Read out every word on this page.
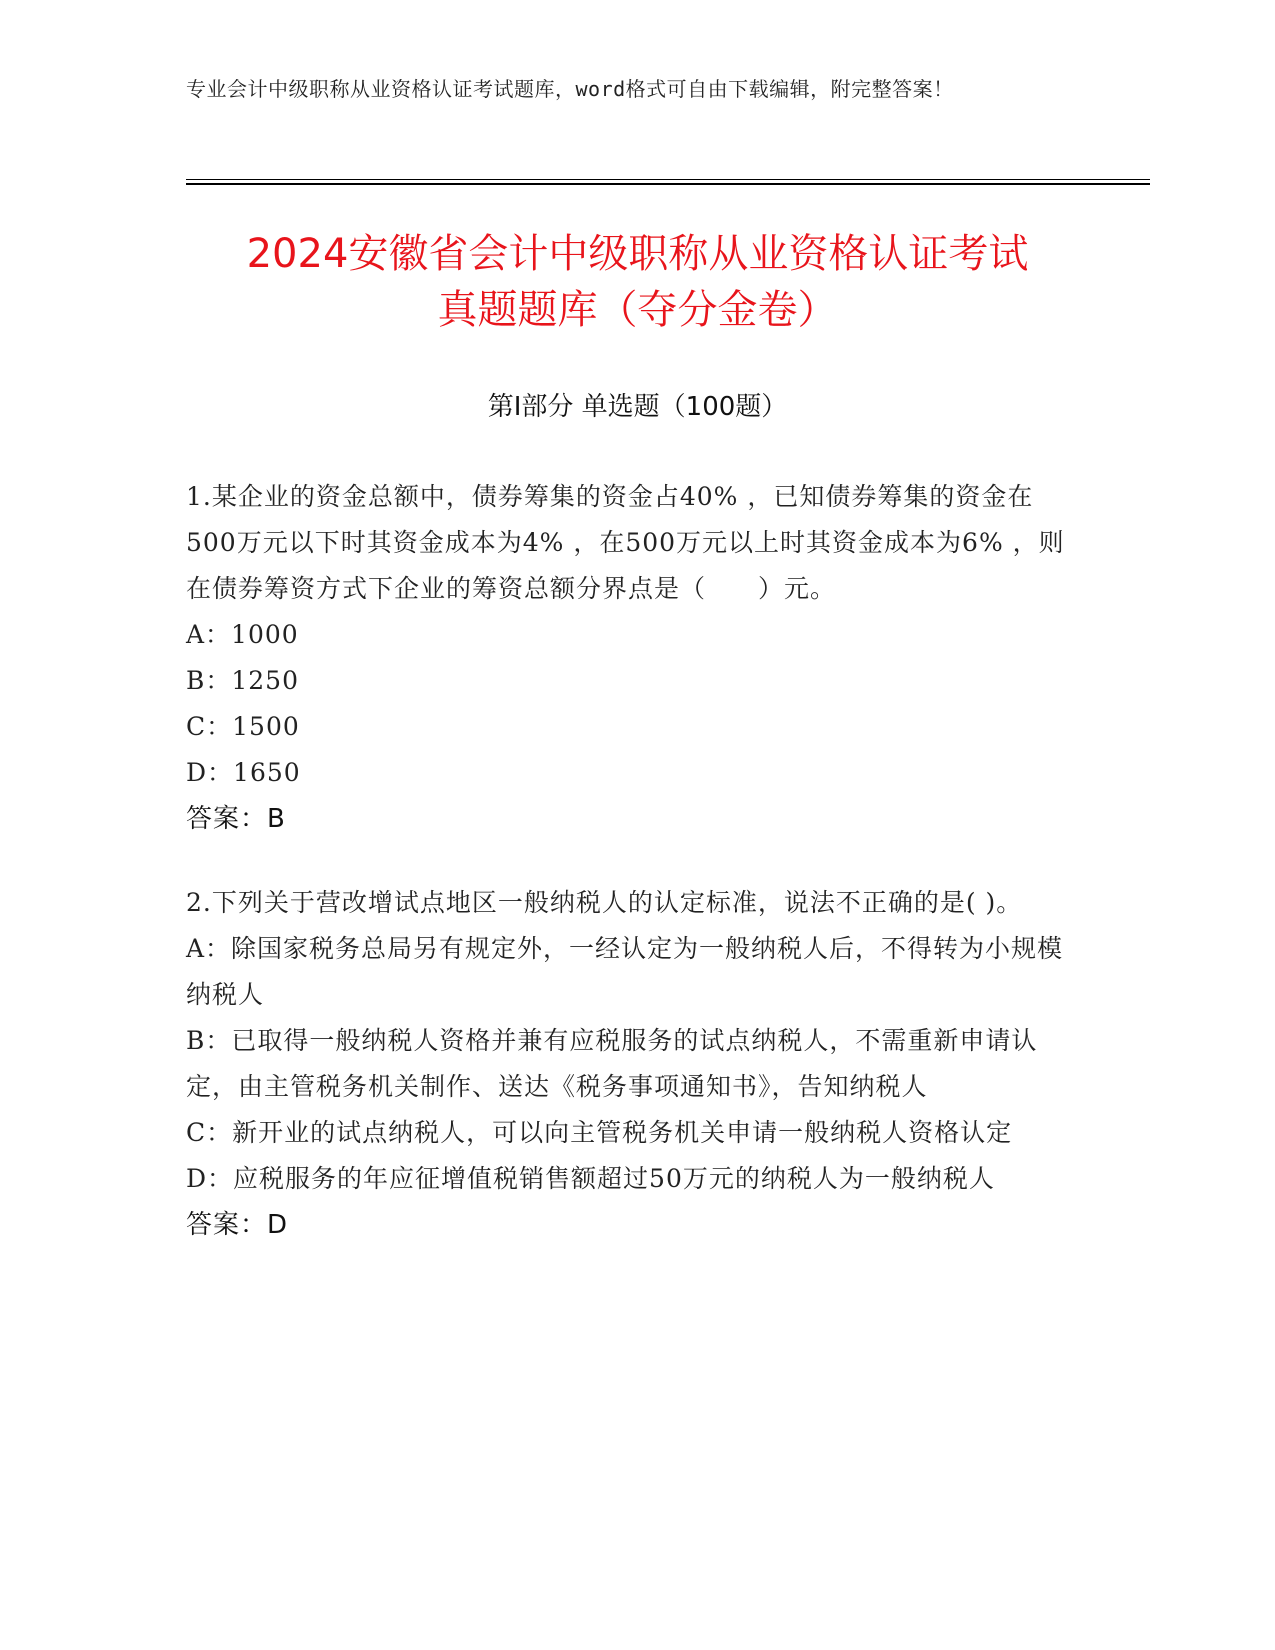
专业会计中级职称从业资格认证考试题库，word格式可自由下载编辑，附完整答案！
2024安徽省会计中级职称从业资格认证考试
真题题库（夺分金卷）
第I部分 单选题（100题）

1.某企业的资金总额中，债券筹集的资金占40% ，已知债券筹集的资金在500万元以下时其资金成本为4% ，在500万元以上时其资金成本为6% ，则在债券筹资方式下企业的筹资总额分界点是（　　）元。

A：1000

B：1250

C：1500

D：1650

答案：B

2.下列关于营改增试点地区一般纳税人的认定标准，说法不正确的是( )。

A：除国家税务总局另有规定外，一经认定为一般纳税人后，不得转为小规模纳税人

B：已取得一般纳税人资格并兼有应税服务的试点纳税人，不需重新申请认定，由主管税务机关制作、送达《税务事项通知书》，告知纳税人

C：新开业的试点纳税人，可以向主管税务机关申请一般纳税人资格认定

D：应税服务的年应征增值税销售额超过50万元的纳税人为一般纳税人

答案：D
